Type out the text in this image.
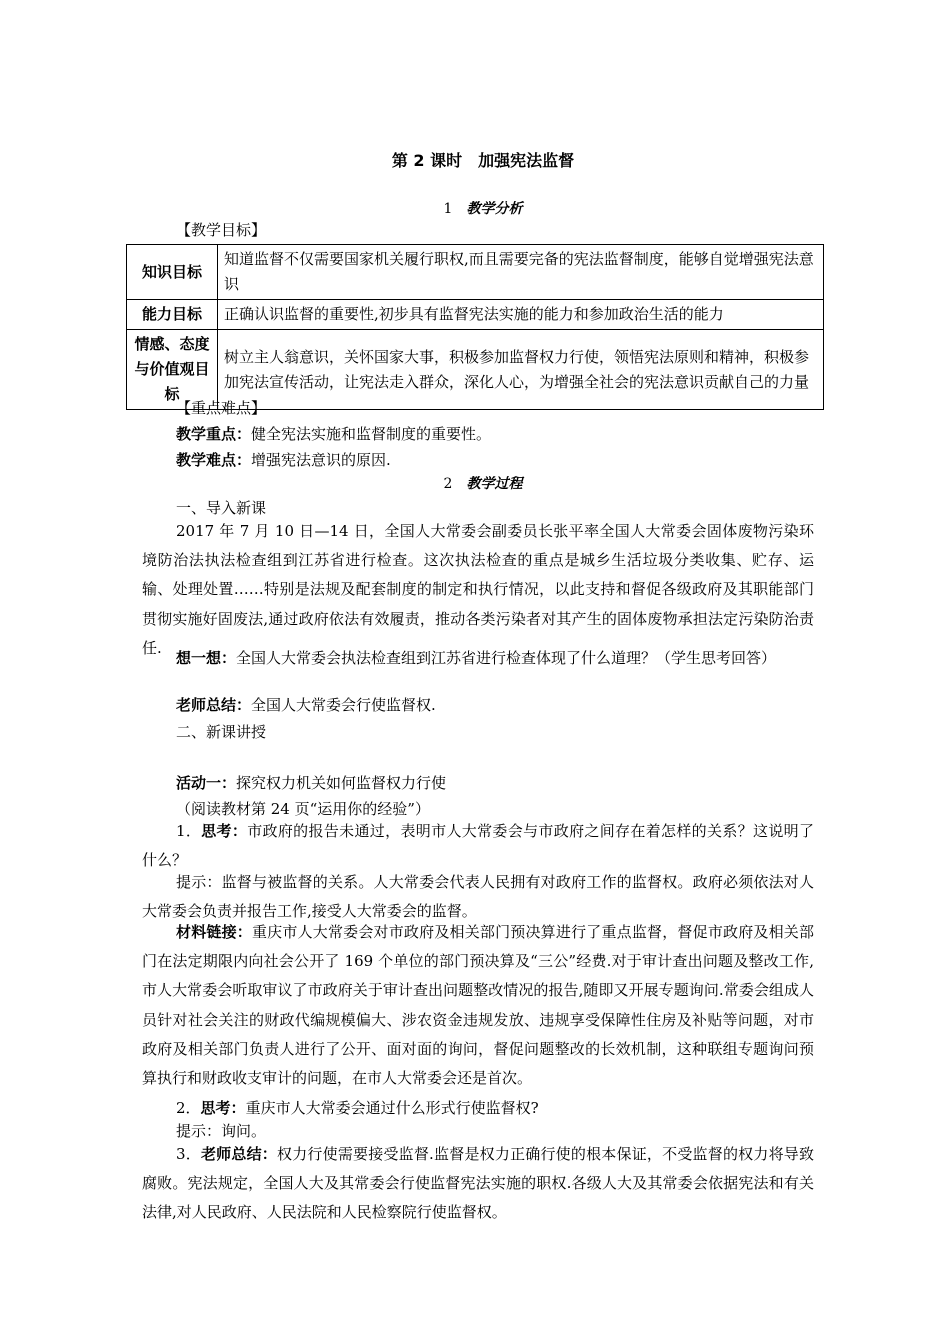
第 2 课时　加强宪法监督
1 教学分析
【教学目标】
知识目标	知道监督不仅需要国家机关履行职权,而且需要完备的宪法监督制度，能够自觉增强宪法意识
能力目标	正确认识监督的重要性,初步具有监督宪法实施的能力和参加政治生活的能力
情感、态度与价值观目标	树立主人翁意识，关怀国家大事，积极参加监督权力行使，领悟宪法原则和精神，积极参加宪法宣传活动，让宪法走入群众，深化人心，为增强全社会的宪法意识贡献自己的力量
【重点难点】
教学重点：健全宪法实施和监督制度的重要性。
教学难点：增强宪法意识的原因.
2 教学过程
一、导入新课
2017 年 7 月 10 日—14 日，全国人大常委会副委员长张平率全国人大常委会固体废物污染环境防治法执法检查组到江苏省进行检查。这次执法检查的重点是城乡生活垃圾分类收集、贮存、运输、处理处置……特别是法规及配套制度的制定和执行情况，以此支持和督促各级政府及其职能部门贯彻实施好固废法,通过政府依法有效履责，推动各类污染者对其产生的固体废物承担法定污染防治责任.
想一想：全国人大常委会执法检查组到江苏省进行检查体现了什么道理？（学生思考回答）
老师总结：全国人大常委会行使监督权.
二、新课讲授
活动一：探究权力机关如何监督权力行使
（阅读教材第 24 页“运用你的经验”）
1．思考：市政府的报告未通过，表明市人大常委会与市政府之间存在着怎样的关系？这说明了什么？
提示：监督与被监督的关系。人大常委会代表人民拥有对政府工作的监督权。政府必须依法对人大常委会负责并报告工作,接受人大常委会的监督。
材料链接：重庆市人大常委会对市政府及相关部门预决算进行了重点监督，督促市政府及相关部门在法定期限内向社会公开了 169 个单位的部门预决算及“三公”经费.对于审计查出问题及整改工作,市人大常委会听取审议了市政府关于审计查出问题整改情况的报告,随即又开展专题询问.常委会组成人员针对社会关注的财政代编规模偏大、涉农资金违规发放、违规享受保障性住房及补贴等问题，对市政府及相关部门负责人进行了公开、面对面的询问，督促问题整改的长效机制，这种联组专题询问预算执行和财政收支审计的问题，在市人大常委会还是首次。
2．思考：重庆市人大常委会通过什么形式行使监督权?
提示：询问。
3．老师总结：权力行使需要接受监督.监督是权力正确行使的根本保证，不受监督的权力将导致腐败。宪法规定，全国人大及其常委会行使监督宪法实施的职权.各级人大及其常委会依据宪法和有关法律,对人民政府、人民法院和人民检察院行使监督权。
